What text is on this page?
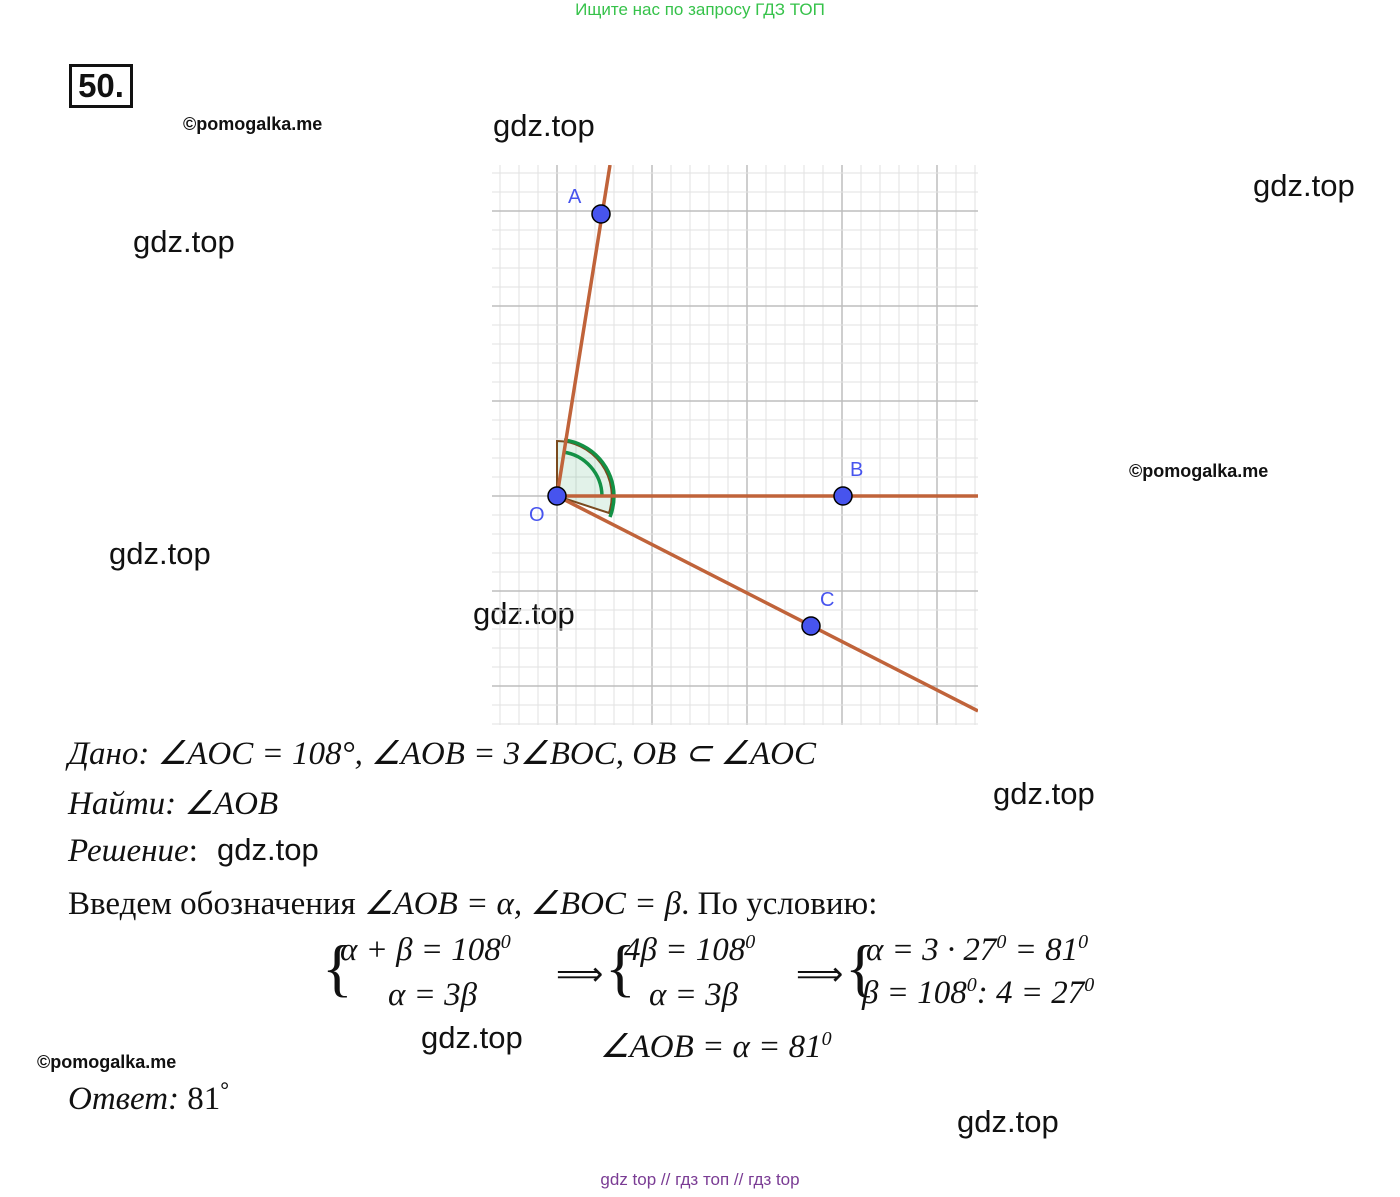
Ищите нас по запросу ГДЗ ТОП
50.
©pomogalka.me
©pomogalka.me
©pomogalka.me
gdz.top
gdz.top
gdz.top
gdz.top
gdz.top
gdz.top
gdz.top
gdz.top
A
O
B
C
Дано: ∠AOC = 108°, ∠AOB = 3∠BOC, OB ⊂ ∠AOC
Найти: ∠AOB
Решение: gdz.top
Введем обозначения ∠AOB = α, ∠BOC = β. По условию:
{
$\alpha + \beta = 108^0$
α = 3β
⟹ {
$4\beta = 108^0$
α = 3β
⟹ {
$\alpha = 3 \cdot 27^0 = 81^0$
$\beta = 108^0$: $4 = 27^0$
∠AOB = $\alpha = 81^0$
Ответ: 81°
gdz top // гдз топ // гдз top
